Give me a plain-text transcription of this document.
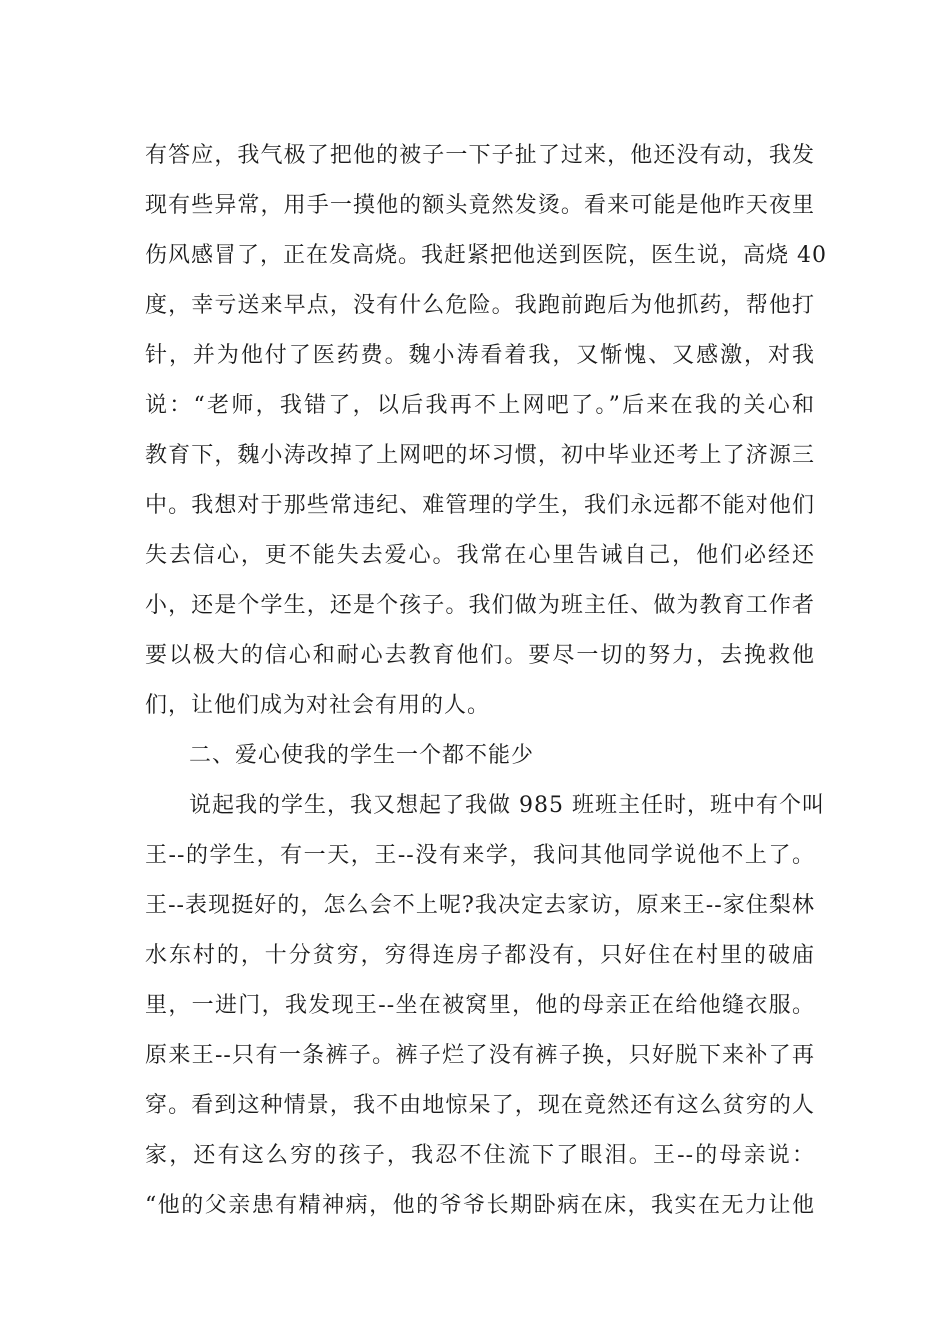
有答应，我气极了把他的被子一下子扯了过来，他还没有动，我发
现有些异常，用手一摸他的额头竟然发烫。看来可能是他昨天夜里
伤风感冒了，正在发高烧。我赶紧把他送到医院，医生说，高烧 40
度，幸亏送来早点，没有什么危险。我跑前跑后为他抓药，帮他打
针，并为他付了医药费。魏小涛看着我，又惭愧、又感激，对我
说：“老师，我错了，以后我再不上网吧了。”后来在我的关心和
教育下，魏小涛改掉了上网吧的坏习惯，初中毕业还考上了济源三
中。我想对于那些常违纪、难管理的学生，我们永远都不能对他们
失去信心，更不能失去爱心。我常在心里告诫自己，他们必经还
小，还是个学生，还是个孩子。我们做为班主任、做为教育工作者
要以极大的信心和耐心去教育他们。要尽一切的努力，去挽救他
们，让他们成为对社会有用的人。
二、爱心使我的学生一个都不能少
说起我的学生，我又想起了我做 985 班班主任时，班中有个叫
王--的学生，有一天，王--没有来学，我问其他同学说他不上了。
王--表现挺好的，怎么会不上呢?我决定去家访，原来王--家住梨林
水东村的，十分贫穷，穷得连房子都没有，只好住在村里的破庙
里，一进门，我发现王--坐在被窝里，他的母亲正在给他缝衣服。
原来王--只有一条裤子。裤子烂了没有裤子换，只好脱下来补了再
穿。看到这种情景，我不由地惊呆了，现在竟然还有这么贫穷的人
家，还有这么穷的孩子，我忍不住流下了眼泪。王--的母亲说：
“他的父亲患有精神病，他的爷爷长期卧病在床，我实在无力让他
